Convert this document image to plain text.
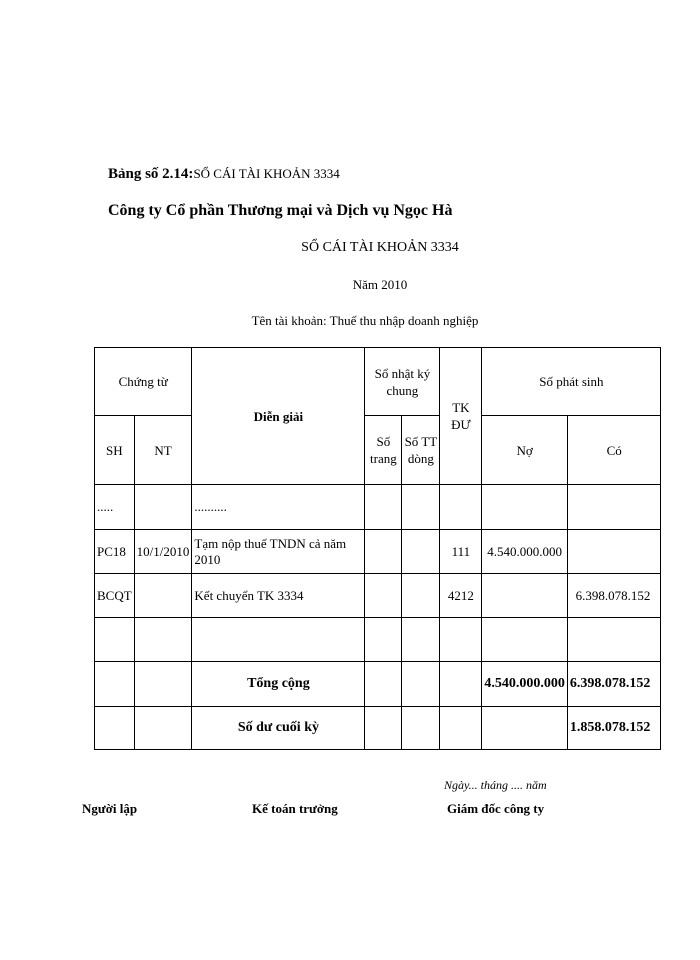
Bảng số 2.14:SỔ CÁI TÀI KHOẢN 3334
Công ty Cổ phần Thương mại và Dịch vụ Ngọc Hà
SỔ CÁI TÀI KHOẢN 3334
Năm 2010
Tên tài khoản: Thuế thu nhập doanh nghiệp
Chứng từ		Diễn giải	Sổ nhật ký chung		TK ĐƯ	Số phát sinh	
SH	NT		Số trang	Số TT dòng		Nợ	Có
.....		..........					
PC18	10/1/2010	Tạm nộp thuế TNDN cả năm 2010			111	4.540.000.000	
BCQT		Kết chuyển TK 3334			4212		6.398.078.152

		Tổng cộng				4.540.000.000	6.398.078.152
		Số dư cuối kỳ					1.858.078.152
Ngày... tháng .... năm
Người lập	Kế toán trưởng	Giám đốc công ty
